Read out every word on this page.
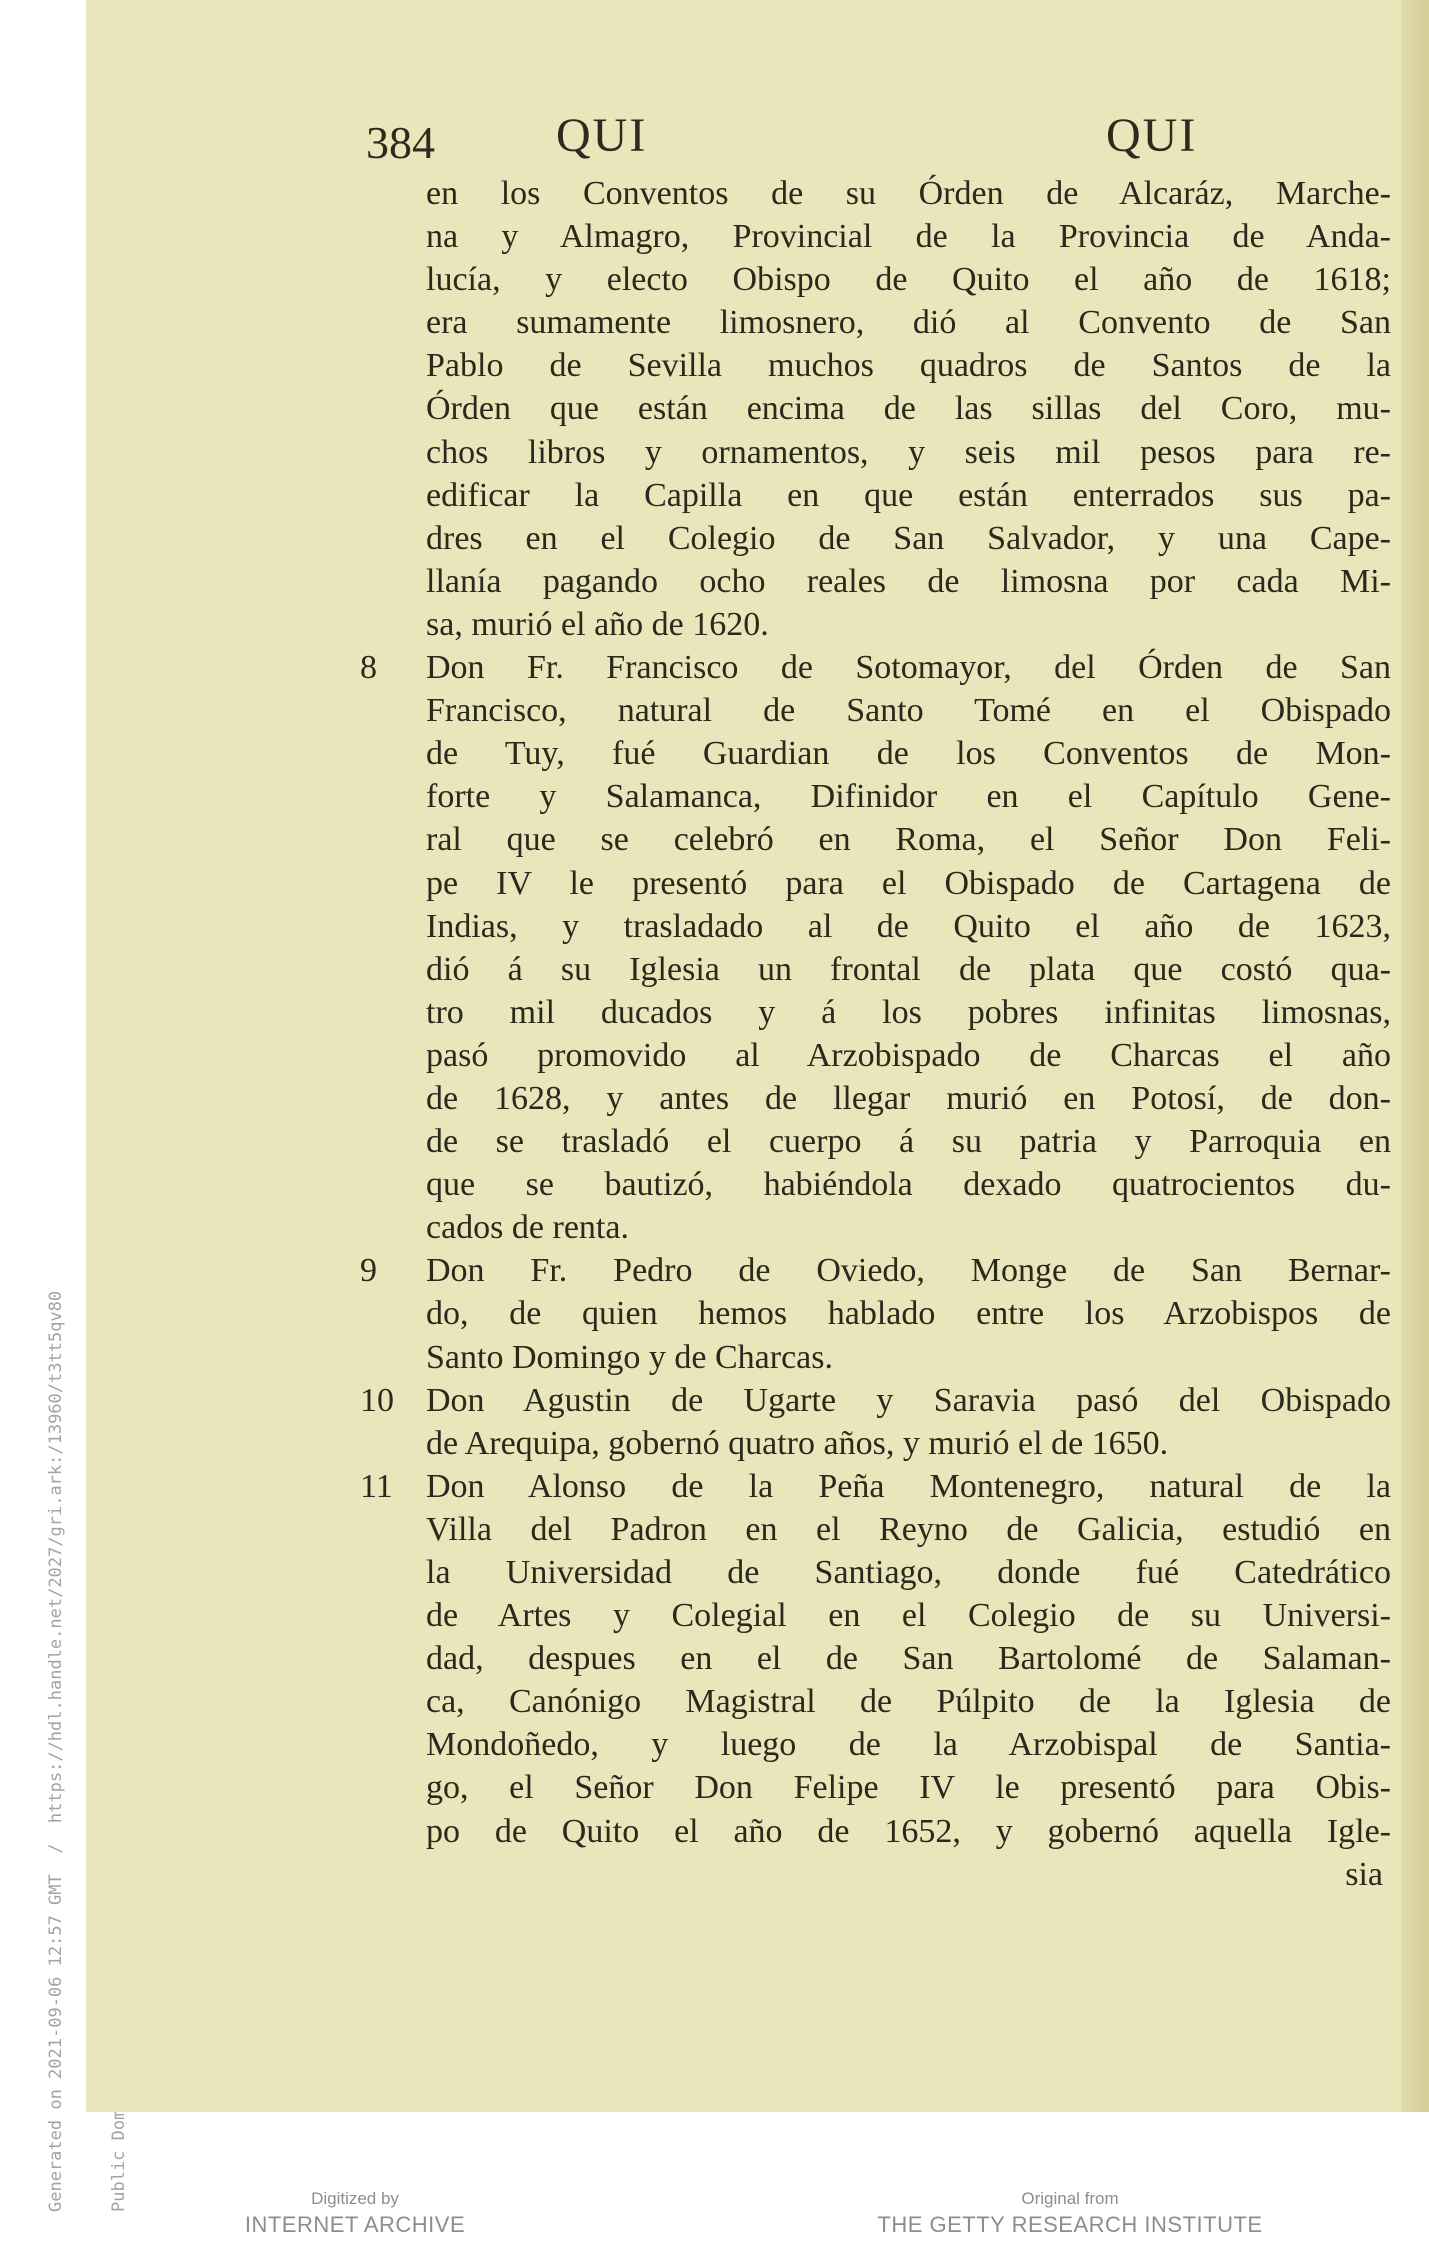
Generated on 2021-09-06 12:57 GMT  /  https://hdl.handle.net/2027/gri.ark:/13960/t3tt5qv80

384	QUI	QUI
en los Conventos de su Órden de Alcaráz, Marche-
na y Almagro, Provincial de la Provincia de Anda-
lucía, y electo Obispo de Quito el año de 1618;
era sumamente limosnero, dió al Convento de San
Pablo de Sevilla muchos quadros de Santos de la
Órden que están encima de las sillas del Coro, mu-
chos libros y ornamentos, y seis mil pesos para re-
edificar la Capilla en que están enterrados sus pa-
dres en el Colegio de San Salvador, y una Cape-
llanía pagando ocho reales de limosna por cada Mi-
sa, murió el año de 1620.
8 Don Fr. Francisco de Sotomayor, del Órden de San
Francisco, natural de Santo Tomé en el Obispado
de Tuy, fué Guardian de los Conventos de Mon-
forte y Salamanca, Difinidor en el Capítulo Gene-
ral que se celebró en Roma, el Señor Don Feli-
pe IV le presentó para el Obispado de Cartagena de
Indias, y trasladado al de Quito el año de 1623,
dió á su Iglesia un frontal de plata que costó qua-
tro mil ducados y á los pobres infinitas limosnas,
pasó promovido al Arzobispado de Charcas el año
de 1628, y antes de llegar murió en Potosí, de don-
de se trasladó el cuerpo á su patria y Parroquia en
que se bautizó, habiéndola dexado quatrocientos du-
cados de renta.
9 Don Fr. Pedro de Oviedo, Monge de San Bernar-
do, de quien hemos hablado entre los Arzobispos de
Santo Domingo y de Charcas.
10 Don Agustin de Ugarte y Saravia pasó del Obispado
de Arequipa, gobernó quatro años, y murió el de 1650.
11 Don Alonso de la Peña Montenegro, natural de la
Villa del Padron en el Reyno de Galicia, estudió en
la Universidad de Santiago, donde fué Catedrático
de Artes y Colegial en el Colegio de su Universi-
dad, despues en el de San Bartolomé de Salaman-
ca, Canónigo Magistral de Púlpito de la Iglesia de
Mondoñedo, y luego de la Arzobispal de Santia-
go, el Señor Don Felipe IV le presentó para Obis-
po de Quito el año de 1652, y gobernó aquella Igle-
sia
Digitized by
INTERNET ARCHIVE
Original from
THE GETTY RESEARCH INSTITUTE
